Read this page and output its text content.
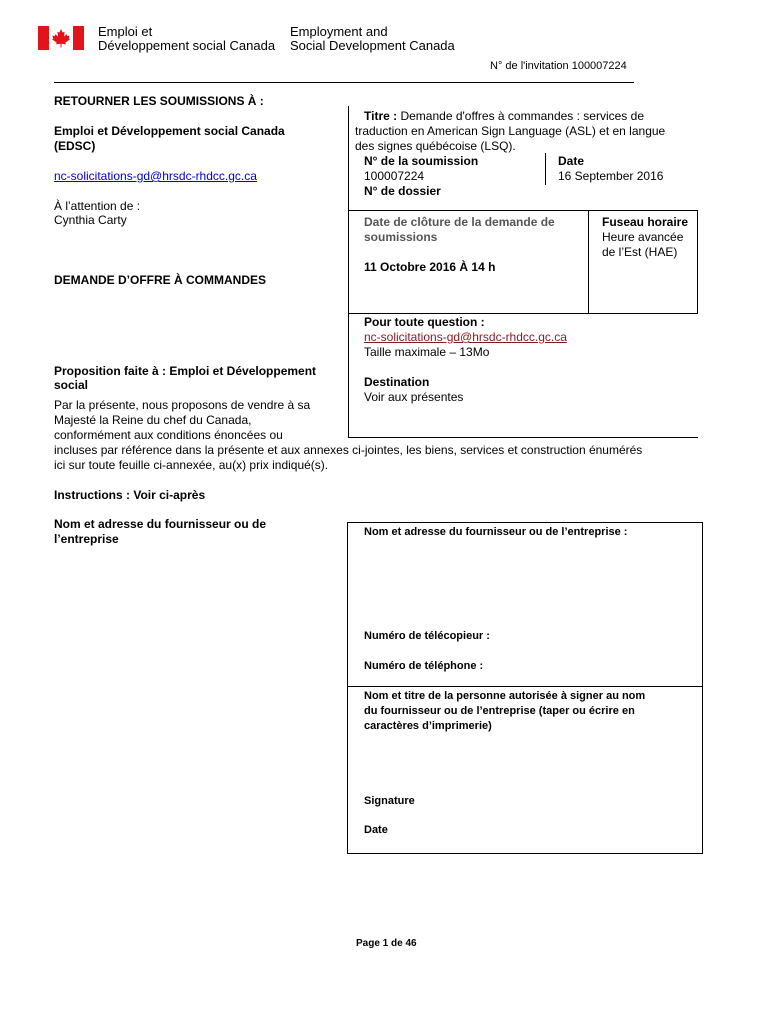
Emploi et
Développement social Canada
Employment and
Social Development Canada
N° de l'invitation 100007224
RETOURNER LES SOUMISSIONS À :
Emploi et Développement social Canada
(EDSC)
nc-solicitations-gd@hrsdc-rhdcc.gc.ca
À l’attention de :
Cynthia Carty
DEMANDE D’OFFRE À COMMANDES
Proposition faite à : Emploi et Développement
social
Par la présente, nous proposons de vendre à sa
Majesté la Reine du chef du Canada,
conformément aux conditions énoncées ou
incluses par référence dans la présente et aux annexes ci-jointes, les biens, services et construction énumérés
ici sur toute feuille ci-annexée, au(x) prix indiqué(s).
Instructions : Voir ci-après
Nom et adresse du fournisseur ou de
l’entreprise
Titre : Demande d'offres à commandes : services de
traduction en American Sign Language (ASL) et en langue
des signes québécoise (LSQ).
N° de la soumission
100007224
Date
16 September 2016
N° de dossier
Date de clôture de la demande de
soumissions
11 Octobre 2016 À 14 h
Fuseau horaire
Heure avancée
de l’Est (HAE)
Pour toute question :
nc-solicitations-gd@hrsdc-rhdcc.gc.ca
Taille maximale – 13Mo
Destination
Voir aux présentes
Nom et adresse du fournisseur ou de l’entreprise :
Numéro de télécopieur :
Numéro de téléphone :
Nom et titre de la personne autorisée à signer au nom
du fournisseur ou de l’entreprise (taper ou écrire en
caractères d’imprimerie)
Signature
Date
Page 1 de 46
